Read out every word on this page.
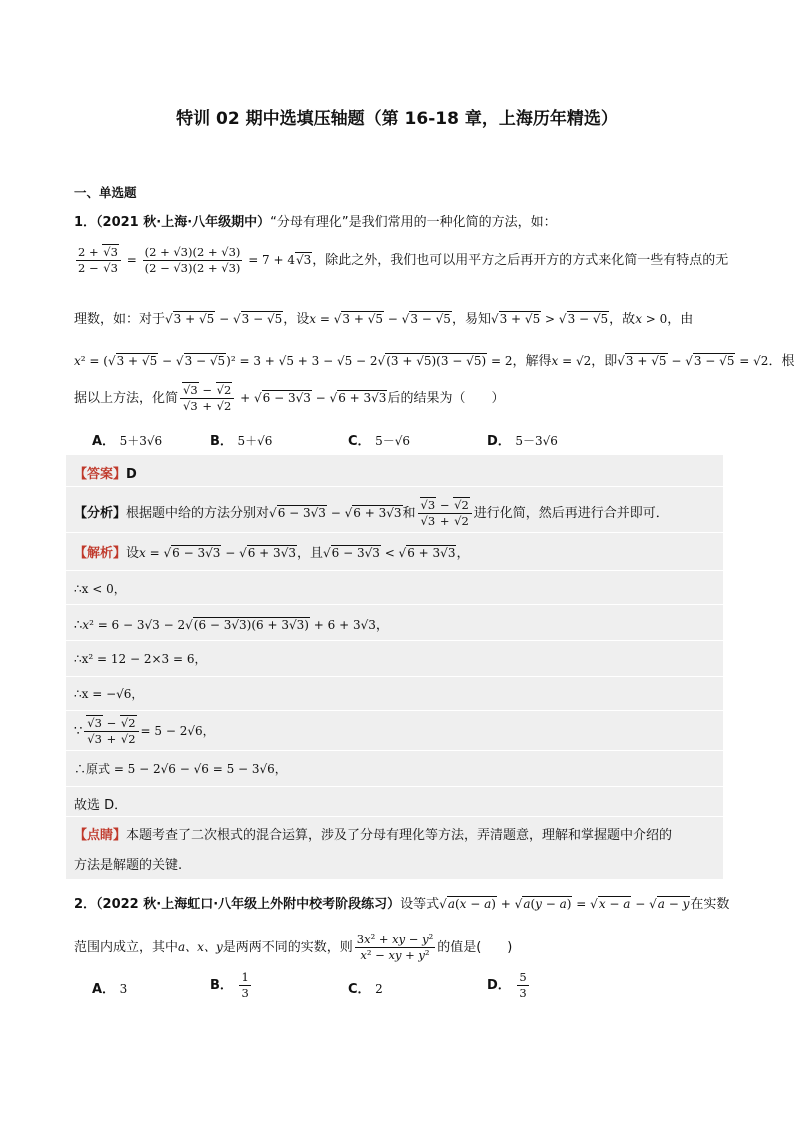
特训 02 期中选填压轴题（第 16-18 章，上海历年精选）
一、单选题
1．（2021 秋·上海·八年级期中）“分母有理化”是我们常用的一种化简的方法，如：
$\frac{2 + √3}{2 - √3} = \frac{(2 + √3)(2 + √3)}{(2 - √3)(2 + √3)} = 7 + 4√3$，除此之外，我们也可以用平方之后再开方的方式来化简一些有特点的无
理数，如：对于√3 + √5 − √3 − √5，设x = √3 + √5 − √3 − √5，易知√3 + √5 > √3 − √5，故x > 0，由
x² = (√3 + √5 − √3 − √5)² = 3 + √5 + 3 − √5 − 2√(3 + √5)(3 − √5) = 2，解得x = √2，即√3 + √5 − √3 − √5 = √2．根
据以上方法，化简 $\frac{√3 - √2}{√3 + √2} + √6 - 3√3 - √6 + 3√3$后的结果为（　　）
A． 5＋3√6	B． 5＋√6	C． 5－√6	D． 5－3√6
【答案】D
【分析】根据题中给的方法分别对√6 − 3√3 − √6 + 3√3和 $\frac{√3 - √2}{√3 + √2}$ 进行化简，然后再进行合并即可．
【解析】设x = √6 − 3√3 − √6 + 3√3，且√6 − 3√3 < √6 + 3√3，
∴x < 0，
∴x² = 6 − 3√3 − 2√(6 − 3√3)(6 + 3√3) + 6 + 3√3，
∴x² = 12 − 2×3 = 6，
∴x = −√6，
∵ $\frac{√3 - √2}{√3 + √2} = 5 - 2√6$，
∴原式 = 5 − 2√6 − √6 = 5 − 3√6，
故选 D．
【点睛】本题考查了二次根式的混合运算，涉及了分母有理化等方法，弄清题意，理解和掌握题中介绍的
方法是解题的关键.
2．（2022 秋·上海虹口·八年级上外附中校考阶段练习）设等式√a(x − a) + √a(y − a) = √x − a − √a − y在实数
范围内成立，其中a、x、y是两两不同的实数，则 $\frac{\text{3x² + xy − y²}}{\text{x² − xy + y²}}$ 的值是(　　)
A． 3	B． $\frac{1}{3}$	C． 2	D． $\frac{5}{3}$
